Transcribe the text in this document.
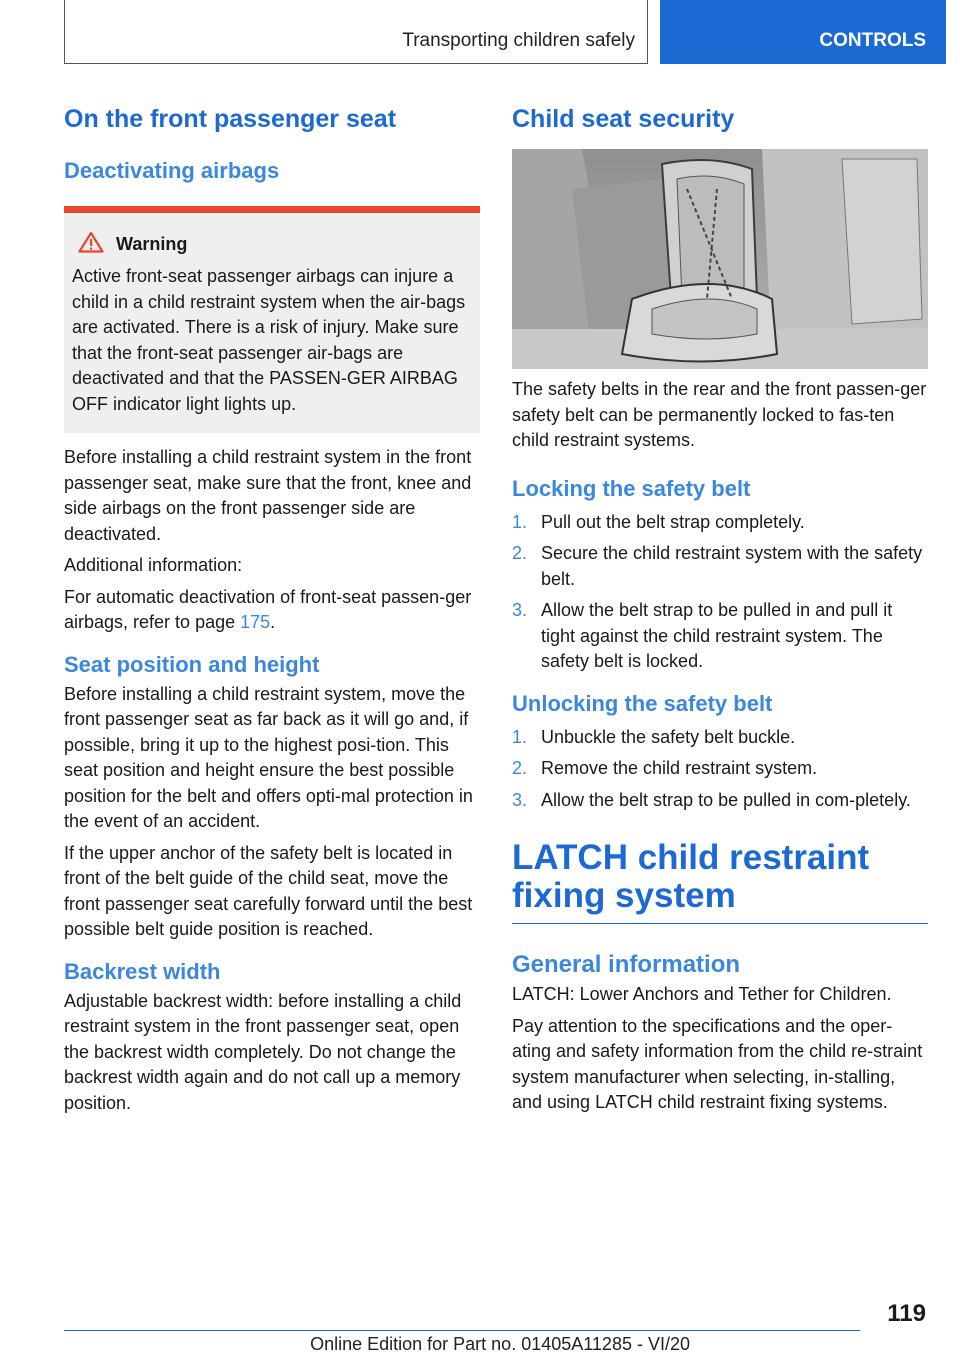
Transporting children safely	CONTROLS
On the front passenger seat
Deactivating airbags
Warning

Active front-seat passenger airbags can injure a child in a child restraint system when the air-bags are activated. There is a risk of injury. Make sure that the front-seat passenger air-bags are deactivated and that the PASSEN-GER AIRBAG OFF indicator light lights up.

Before installing a child restraint system in the front passenger seat, make sure that the front, knee and side airbags on the front passenger side are deactivated.

Additional information:

For automatic deactivation of front-seat passen-ger airbags, refer to page 175.

Seat position and height

Before installing a child restraint system, move the front passenger seat as far back as it will go and, if possible, bring it up to the highest posi-tion. This seat position and height ensure the best possible position for the belt and offers opti-mal protection in the event of an accident.

If the upper anchor of the safety belt is located in front of the belt guide of the child seat, move the front passenger seat carefully forward until the best possible belt guide position is reached.

Backrest width

Adjustable backrest width: before installing a child restraint system in the front passenger seat, open the backrest width completely. Do not change the backrest width again and do not call up a memory position.

Child seat security

The safety belts in the rear and the front passen-ger safety belt can be permanently locked to fas-ten child restraint systems.

Locking the safety belt
1. Pull out the belt strap completely.
2. Secure the child restraint system with the safety belt.
3. Allow the belt strap to be pulled in and pull it tight against the child restraint system. The safety belt is locked.
Unlocking the safety belt
1. Unbuckle the safety belt buckle.
2. Remove the child restraint system.
3. Allow the belt strap to be pulled in com-pletely.
LATCH child restraint fixing system
General information

LATCH: Lower Anchors and Tether for Children.

Pay attention to the specifications and the oper-ating and safety information from the child re-straint system manufacturer when selecting, in-stalling, and using LATCH child restraint fixing systems.

119
Online Edition for Part no. 01405A11285 - VI/20
